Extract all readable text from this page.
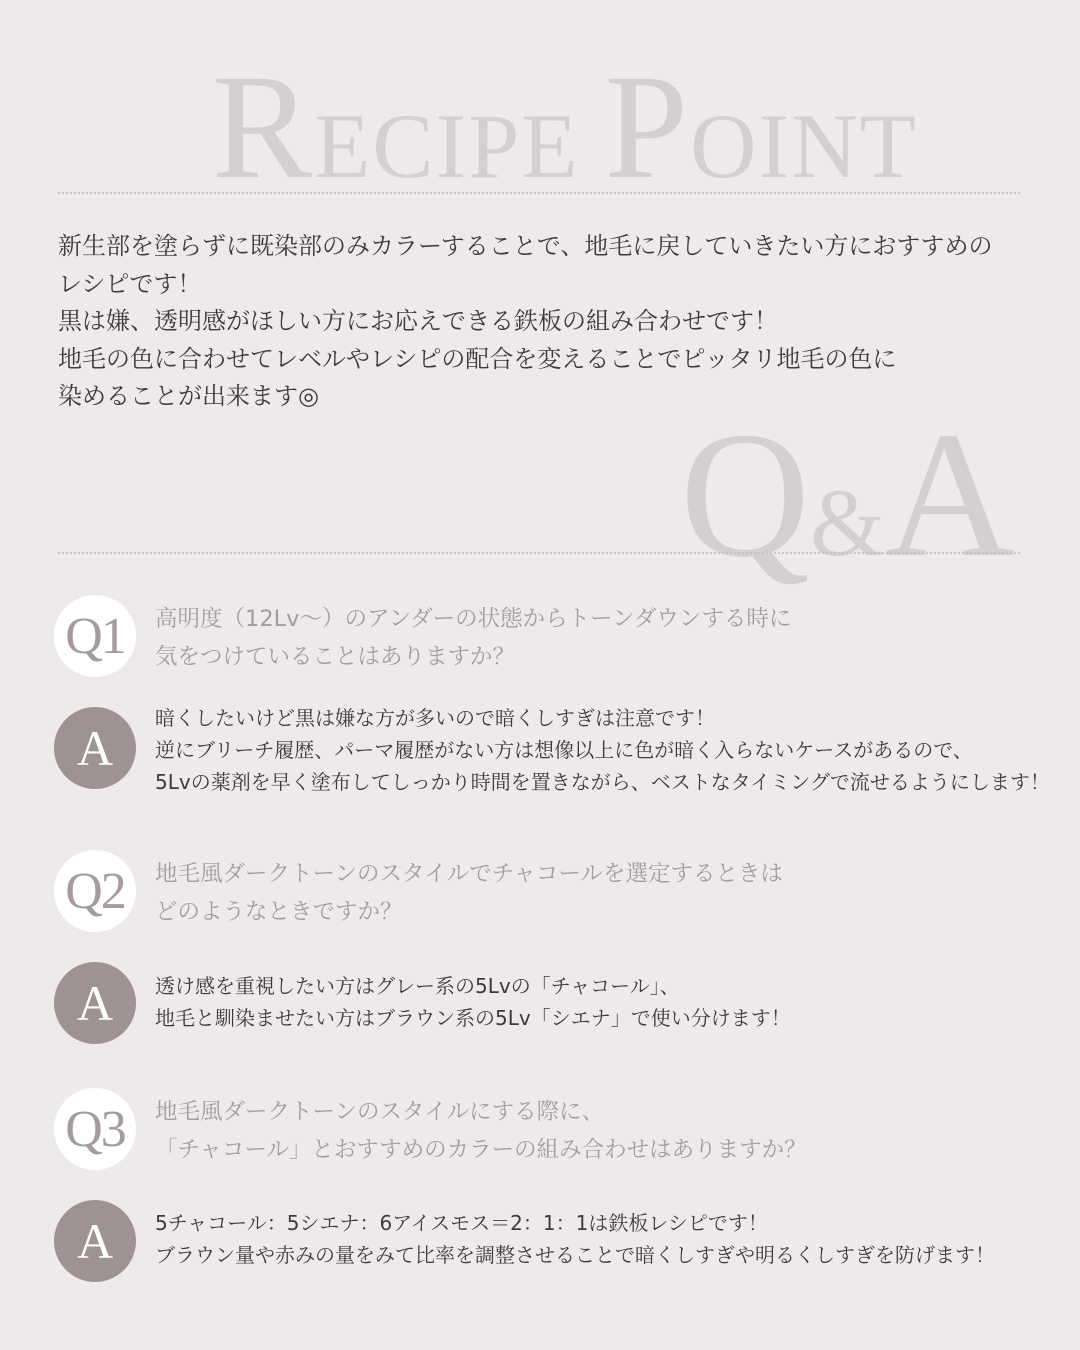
RECIPE POINT

新生部を塗らずに既染部のみカラーすることで、地毛に戻していきたい方におすすめの

レシピです！

黒は嫌、透明感がほしい方にお応えできる鉄板の組み合わせです！

地毛の色に合わせてレベルやレシピの配合を変えることでピッタリ地毛の色に

染めることが出来ます◎	Q&A
Q1	高明度（12Lv〜）のアンダーの状態からトーンダウンする時に

気をつけていることはありますか？

A

暗くしたいけど黒は嫌な方が多いので暗くしすぎは注意です！

逆にブリーチ履歴、パーマ履歴がない方は想像以上に色が暗く入らないケースがあるので、

5Lvの薬剤を早く塗布してしっかり時間を置きながら、ベストなタイミングで流せるようにします！

Q2	地毛風ダークトーンのスタイルでチャコールを選定するときは

どのようなときですか？

A	透け感を重視したい方はグレー系の5Lvの「チャコール」、

地毛と馴染ませたい方はブラウン系の5Lv「シエナ」で使い分けます！

Q3	地毛風ダークトーンのスタイルにする際に、

「チャコール」とおすすめのカラーの組み合わせはありますか？

A	5チャコール：5シエナ：6アイスモス＝2：1：1は鉄板レシピです！

ブラウン量や赤みの量をみて比率を調整させることで暗くしすぎや明るくしすぎを防げます！
